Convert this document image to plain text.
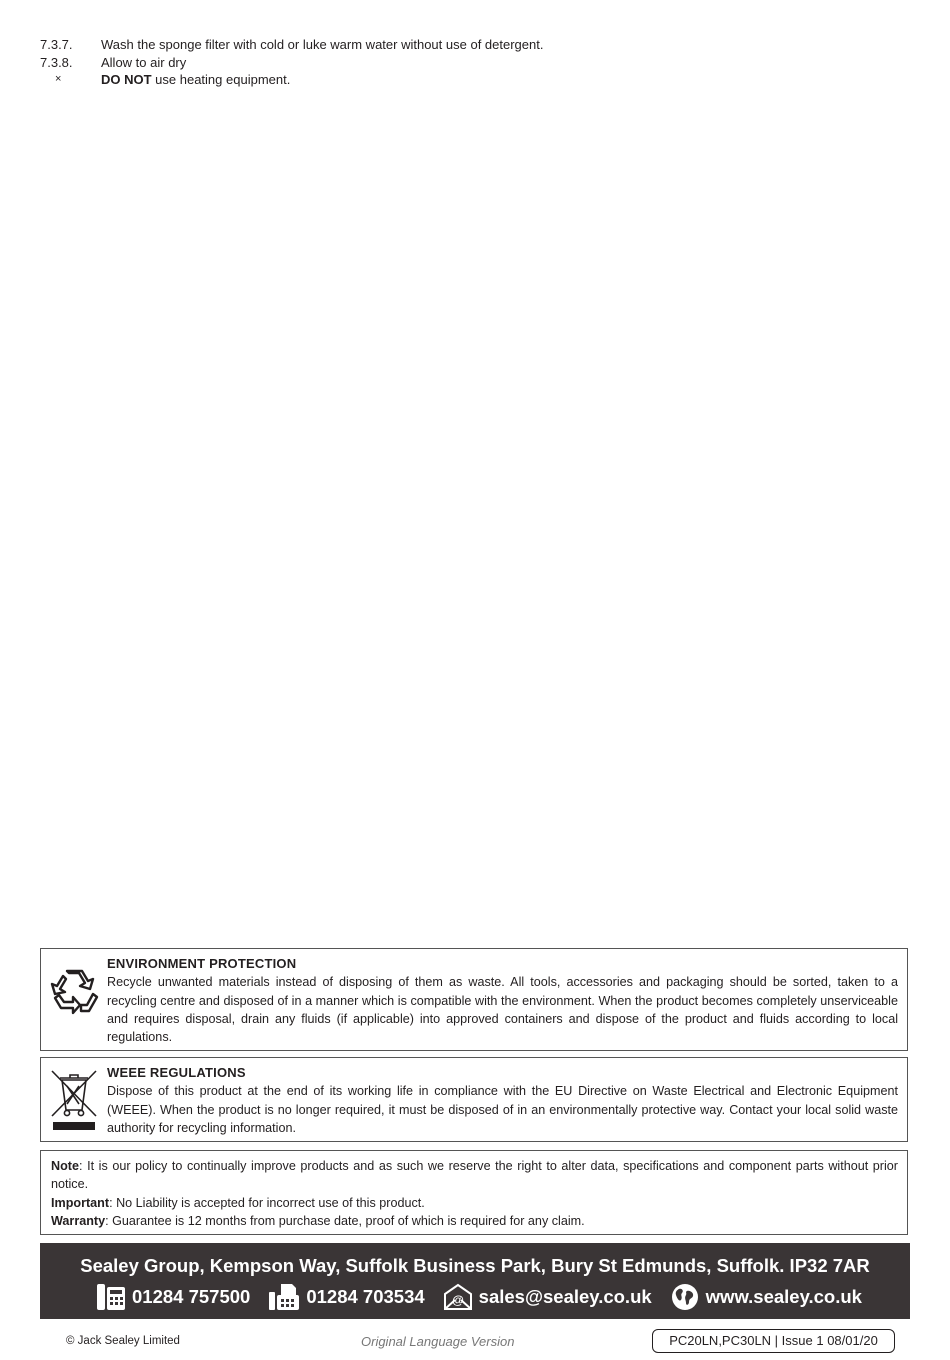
7.3.7.	Wash the sponge filter with cold or luke warm water without use of detergent.
7.3.8.	Allow to air dry
×	DO NOT use heating equipment.
ENVIRONMENT PROTECTION
Recycle unwanted materials instead of disposing of them as waste. All tools, accessories and packaging should be sorted, taken to a recycling centre and disposed of in a manner which is compatible with the environment. When the product becomes completely unserviceable and requires disposal, drain any fluids (if applicable) into approved containers and dispose of the product and fluids according to local regulations.
WEEE REGULATIONS
Dispose of this product at the end of its working life in compliance with the EU Directive on Waste Electrical and Electronic Equipment (WEEE). When the product is no longer required, it must be disposed of in an environmentally protective way. Contact your local solid waste authority for recycling information.
Note: It is our policy to continually improve products and as such we reserve the right to alter data, specifications and component parts without prior notice.
Important: No Liability is accepted for incorrect use of this product.
Warranty: Guarantee is 12 months from purchase date, proof of which is required for any claim.
Sealey Group, Kempson Way, Suffolk Business Park, Bury St Edmunds, Suffolk. IP32 7AR
01284 757500	01284 703534 @ sales@sealey.co.uk	www.sealey.co.uk
© Jack Sealey Limited	Original Language Version	PC20LN,PC30LN | Issue 1 08/01/20
